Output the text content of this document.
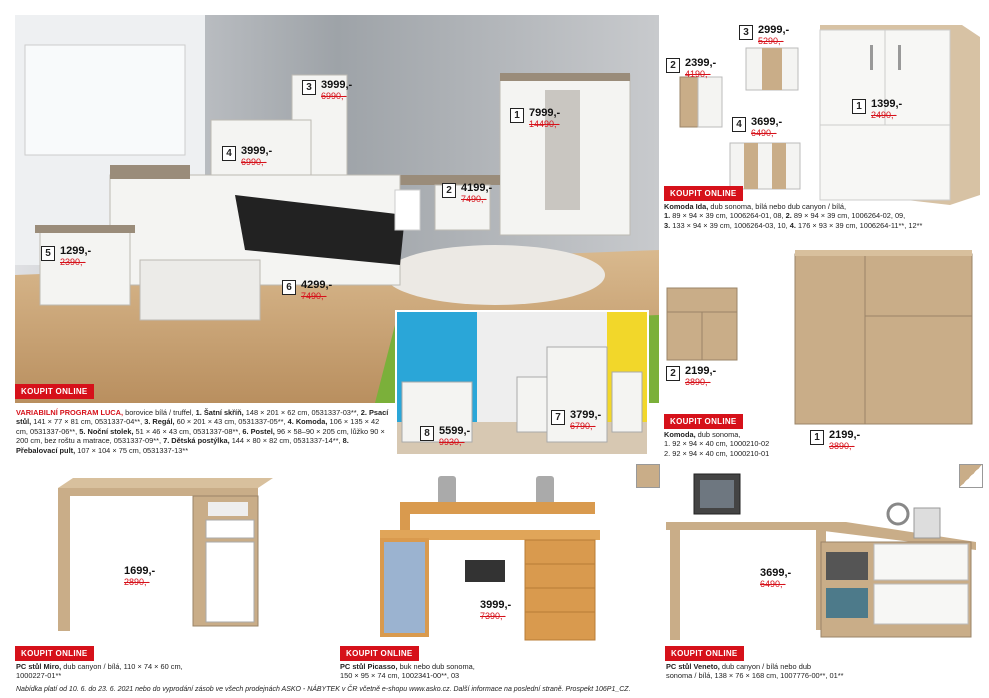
1 7999,-
14490,-
2 4199,-
7490,-
3 3999,-
6990,-
4 3999,-
6990,-
5 1299,-
2390,-
6 4299,-
7490,-
7 3799,-
6790,-
8 5599,-
9930,-
KOUPIT ONLINE
VARIABILNÍ PROGRAM LUCA, borovice bílá / truffel, 1. Šatní skříň, 148 × 201 × 62 cm, 0531337-03**, 2. Psací stůl, 141 × 77 × 81 cm, 0531337-04**, 3. Regál, 60 × 201 × 43 cm, 0531337-05**, 4. Komoda, 106 × 135 × 42 cm, 0531337-06**, 5. Noční stolek, 51 × 46 × 43 cm, 0531337-08**, 6. Postel, 96 × 58–90 × 205 cm, lůžko 90 × 200 cm, bez roštu a matrace, 0531337-09**, 7. Dětská postýlka, 144 × 80 × 82 cm, 0531337-14**, 8. Přebalovací pult, 107 × 104 × 75 cm, 0531337-13**
3 2999,-
5290,-
2 2399,-
4190,-
4 3699,-
6490,-
1 1399,-
2490,-
KOUPIT ONLINE
Komoda Ida, dub sonoma, bílá nebo dub canyon / bílá,
1. 89 × 94 × 39 cm, 1006264-01, 08, 2. 89 × 94 × 39 cm, 1006264-02, 09,
3. 133 × 94 × 39 cm, 1006264-03, 10, 4. 176 × 93 × 39 cm, 1006264-11**, 12**
2 2199,-
3890,-
1 2199,-
3890,-
KOUPIT ONLINE
Komoda, dub sonoma,
1. 92 × 94 × 40 cm, 1000210-02
2. 92 × 94 × 40 cm, 1000210-01
1699,-
2890,-
KOUPIT ONLINE
PC stůl Miro, dub canyon / bílá, 110 × 74 × 60 cm,
1000227-01**
3999,-
7390,-
KOUPIT ONLINE
PC stůl Picasso, buk nebo dub sonoma,
150 × 95 × 74 cm, 1002341-00**, 03
3699,-
6490,-
KOUPIT ONLINE
PC stůl Veneto, dub canyon / bílá nebo dub
sonoma / bílá, 138 × 76 × 168 cm, 1007776-00**, 01**
Nabídka platí od 10. 6. do 23. 6. 2021 nebo do vyprodání zásob ve všech prodejnách ASKO - NÁBYTEK v ČR včetně e-shopu www.asko.cz. Další informace na poslední straně. Prospekt 106P1_CZ.
